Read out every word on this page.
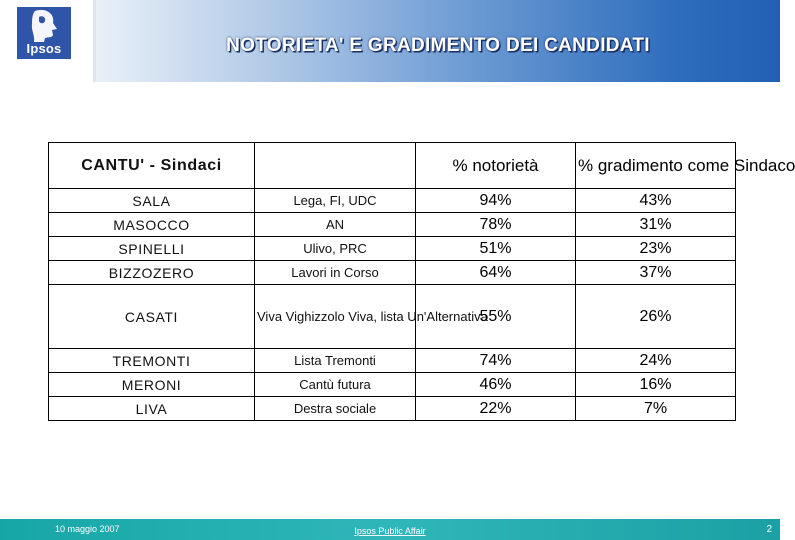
Ipsos	NOTORIETA' E GRADIMENTO DEI CANDIDATI
CANTU' - Sindaci		% notorietà	% gradimento come Sindaco
SALA	Lega, FI, UDC	94%	43%
MASOCCO	AN	78%	31%
SPINELLI	Ulivo, PRC	51%	23%
BIZZOZERO	Lavori in Corso	64%	37%
CASATI	Viva Vighizzolo Viva, lista Un'Alternativa	55%	26%
TREMONTI	Lista Tremonti	74%	24%
MERONI	Cantù futura	46%	16%
LIVA	Destra sociale	22%	7%
10 maggio 2007	Ipsos Public Affair	2
